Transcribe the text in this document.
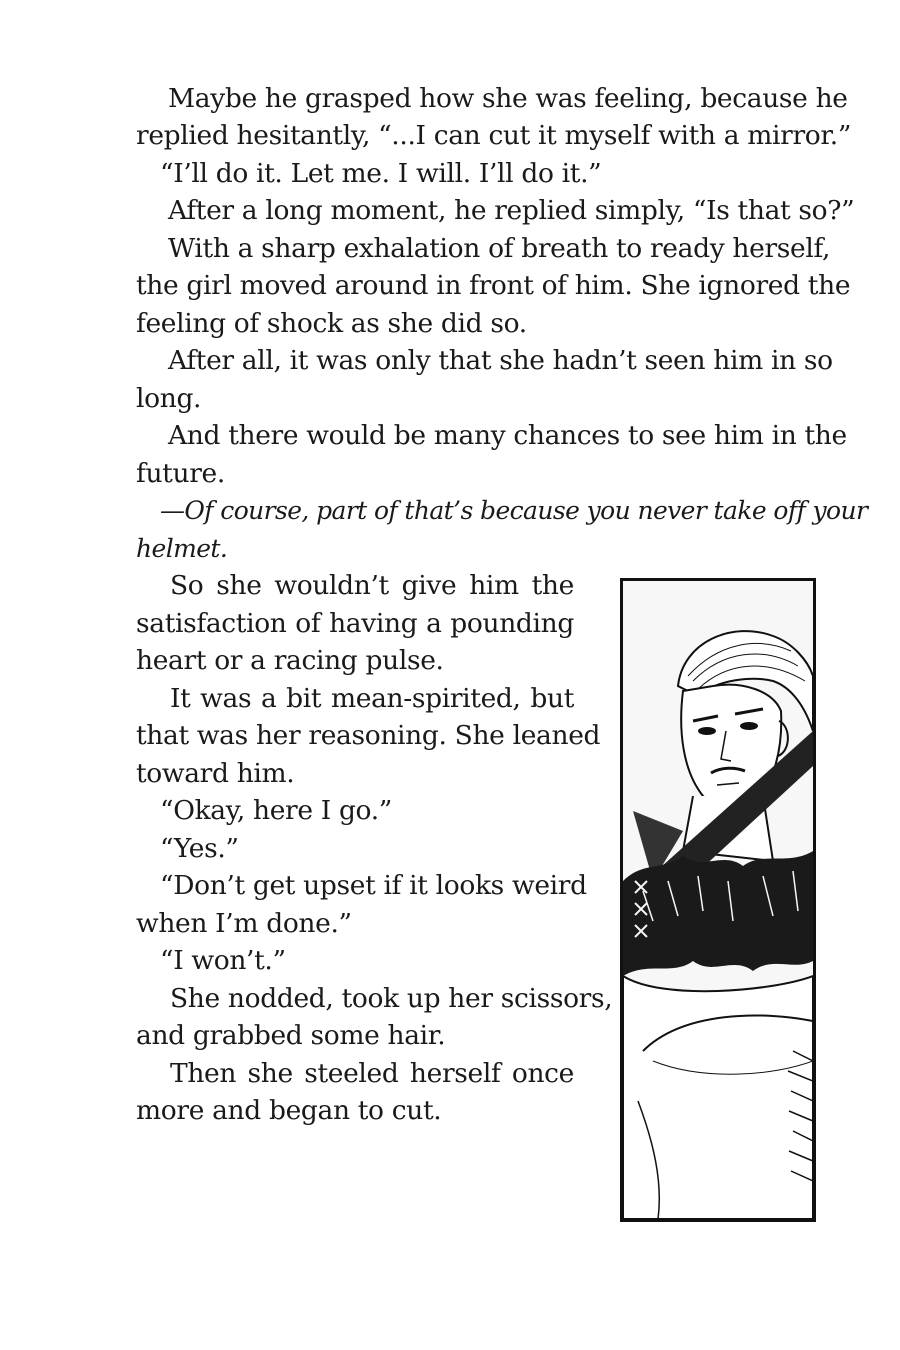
Maybe he grasped how she was feeling, because he
replied hesitantly, “...I can cut it myself with a mirror.”
“I’ll do it. Let me. I will. I’ll do it.”
After a long moment, he replied simply, “Is that so?”
With a sharp exhalation of breath to ready herself,
the girl moved around in front of him. She ignored the
feeling of shock as she did so.
After all, it was only that she hadn’t seen him in so
long.
And there would be many chances to see him in the
future.
—Of course, part of that’s because you never take off your
helmet.
So she wouldn’t give him the
satisfaction of having a pounding
heart or a racing pulse.
It was a bit mean-spirited, but
that was her reasoning. She leaned
toward him.
“Okay, here I go.”
“Yes.”
“Don’t get upset if it looks weird
when I’m done.”
“I won’t.”
She nodded, took up her scissors,
and grabbed some hair.
Then she steeled herself once
more and began to cut.
